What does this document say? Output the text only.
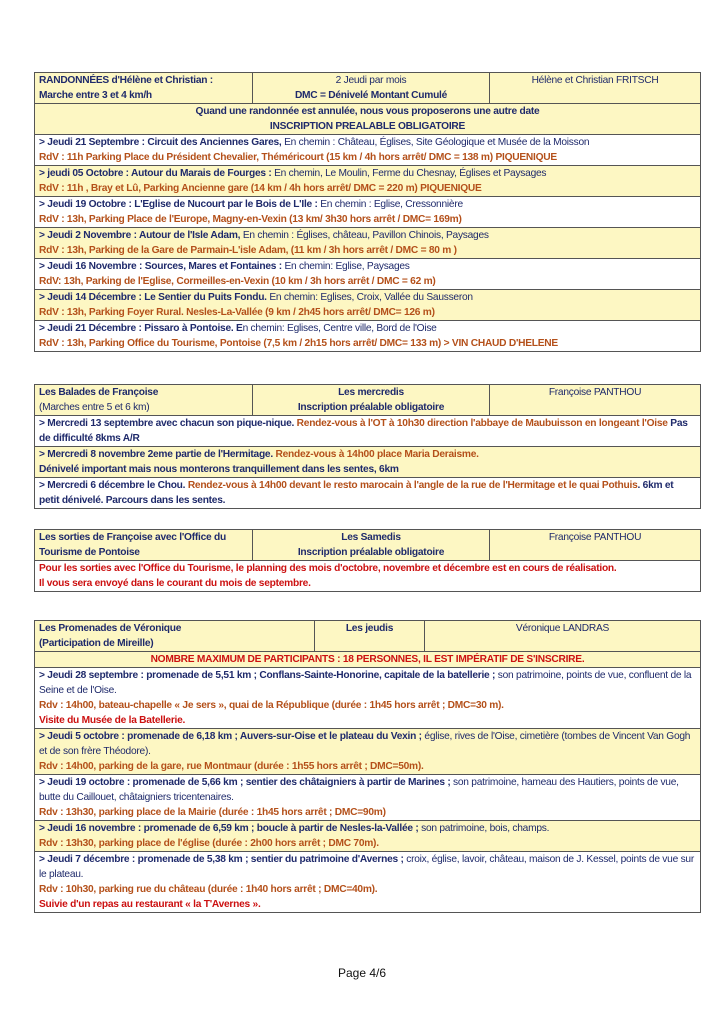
RANDONNÉES d'Hélène et Christian :
Marche entre 3 et 4 km/h

2 Jeudi par mois
DMC = Dénivelé Montant Cumulé
	Hélène et Christian FRITSCH

Quand une randonnée est annulée, nous vous proposerons une autre date
INSCRIPTION PREALABLE OBLIGATOIRE

> Jeudi 21 Septembre : Circuit des Anciennes Gares, En chemin : Château, Églises, Site Géologique et Musée de la Moisson
RdV : 11h Parking Place du Président Chevalier, Théméricourt (15 km / 4h hors arrêt/ DMC = 138 m) PIQUENIQUE

> jeudi 05 Octobre : Autour du Marais de Fourges : En chemin, Le Moulin, Ferme du Chesnay, Églises et Paysages
RdV : 11h , Bray et Lû, Parking Ancienne gare (14 km / 4h hors arrêt/ DMC = 220 m) PIQUENIQUE

> Jeudi 19 Octobre : L'Eglise de Nucourt par le Bois de L'Ile : En chemin : Eglise, Cressonnière
RdV : 13h, Parking Place de l'Europe, Magny-en-Vexin (13 km/ 3h30 hors arrêt / DMC= 169m)

> Jeudi 2 Novembre : Autour de l'Isle Adam, En chemin : Églises, château, Pavillon Chinois, Paysages
RdV : 13h, Parking de la Gare de Parmain-L'isle Adam, (11 km / 3h hors arrêt / DMC = 80 m )

> Jeudi 16 Novembre : Sources, Mares et Fontaines : En chemin: Eglise, Paysages
RdV: 13h, Parking de l'Eglise, Cormeilles-en-Vexin (10 km / 3h hors arrêt / DMC = 62 m)

> Jeudi 14 Décembre : Le Sentier du Puits Fondu. En chemin: Eglises, Croix, Vallée du Sausseron
RdV : 13h, Parking Foyer Rural. Nesles-La-Vallée (9 km / 2h45 hors arrêt/ DMC= 126 m)

> Jeudi 21 Décembre : Pissaro à Pontoise. En chemin: Eglises, Centre ville, Bord de l'Oise
RdV : 13h, Parking Office du Tourisme, Pontoise (7,5 km / 2h15 hors arrêt/ DMC= 133 m) > VIN CHAUD D'HELENE
Les Balades de Françoise
(Marches entre 5 et 6 km)

Les mercredis
Inscription préalable obligatoire
	Françoise PANTHOU
> Mercredi 13 septembre avec chacun son pique-nique. Rendez-vous à l'OT à 10h30 direction l'abbaye de Maubuisson en longeant l'Oise Pas de difficulté 8kms A/R
> Mercredi 8 novembre 2eme partie de l'Hermitage. Rendez-vous à 14h00 place Maria Deraisme.
Dénivelé important mais nous monterons tranquillement dans les sentes, 6km

> Mercredi 6 décembre le Chou. Rendez-vous à 14h00 devant le resto marocain à l'angle de la rue de l'Hermitage et le quai Pothuis. 6km et petit dénivelé. Parcours dans les sentes.
Les sorties de Françoise avec l'Office du
Tourisme de Pontoise

Les Samedis
Inscription préalable obligatoire
	Françoise PANTHOU

Pour les sorties avec l'Office du Tourisme, le planning des mois d'octobre, novembre et décembre est en cours de réalisation.
Il vous sera envoyé dans le courant du mois de septembre.
Les Promenades de Véronique
(Participation de Mireille)
	Les jeudis	Véronique LANDRAS
NOMBRE MAXIMUM DE PARTICIPANTS : 18 PERSONNES, IL EST IMPÉRATIF DE S'INSCRIRE.
> Jeudi 28 septembre : promenade de 5,51 km ; Conflans-Sainte-Honorine, capitale de la batellerie ; son patrimoine, points de vue, confluent de la Seine et de l'Oise.
Rdv : 14h00, bateau-chapelle « Je sers », quai de la République (durée : 1h45 hors arrêt ; DMC=30 m).
Visite du Musée de la Batellerie.

> Jeudi 5 octobre : promenade de 6,18 km ; Auvers-sur-Oise et le plateau du Vexin ; église, rives de l'Oise, cimetière (tombes de Vincent Van Gogh et de son frère Théodore).
Rdv : 14h00, parking de la gare, rue Montmaur (durée : 1h55 hors arrêt ; DMC=50m).

> Jeudi 19 octobre : promenade de 5,66 km ; sentier des châtaigniers à partir de Marines ; son patrimoine, hameau des Hautiers, points de vue, butte du Caillouet, châtaigniers tricentenaires.
Rdv : 13h30, parking place de la Mairie (durée : 1h45 hors arrêt ; DMC=90m)

> Jeudi 16 novembre : promenade de 6,59 km ; boucle à partir de Nesles-la-Vallée ; son patrimoine, bois, champs.
Rdv : 13h30, parking place de l'église (durée : 2h00 hors arrêt ; DMC 70m).

> Jeudi 7 décembre : promenade de 5,38 km ; sentier du patrimoine d'Avernes ; croix, église, lavoir, château, maison de J. Kessel, points de vue sur le plateau.
Rdv : 10h30, parking rue du château (durée : 1h40 hors arrêt ; DMC=40m).
Suivie d'un repas au restaurant « la T'Avernes ».
Page 4/6
